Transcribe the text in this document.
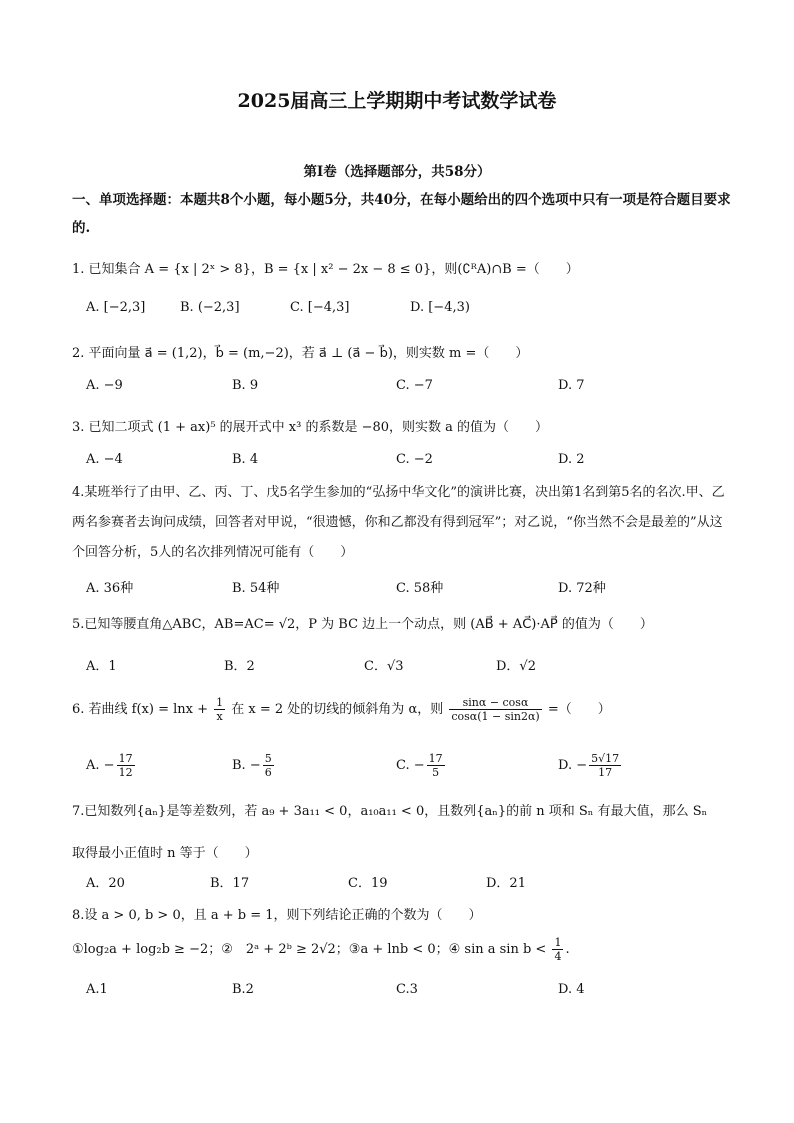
2025届高三上学期期中考试数学试卷
第I卷（选择题部分，共58分）
一、单项选择题：本题共8个小题，每小题5分，共40分，在每小题给出的四个选项中只有一项是符合题目要求的.
1. 已知集合 A = {x | 2ˣ > 8}，B = {x | x² − 2x − 8 ≤ 0}，则(∁ᴿA)∩B =（　　）
A. [−2,3]	B. (−2,3]	C. [−4,3]	D. [−4,3)
2. 平面向量 a⃗ = (1,2)，b⃗ = (m,−2)，若 a⃗ ⊥ (a⃗ − b⃗)，则实数 m =（　　）
A. −9	B. 9	C. −7	D. 7
3. 已知二项式 (1 + ax)⁵ 的展开式中 x³ 的系数是 −80，则实数 a 的值为（　　）
A. −4	B. 4	C. −2	D. 2
4.某班举行了由甲、乙、丙、丁、戊5名学生参加的“弘扬中华文化”的演讲比赛，决出第1名到第5名的名次.甲、乙两名参赛者去询问成绩，回答者对甲说，“很遗憾，你和乙都没有得到冠军”；对乙说，“你当然不会是最差的”从这个回答分析，5人的名次排列情况可能有（　　）
A. 36种	B. 54种	C. 58种	D. 72种
5.已知等腰直角△ABC，AB=AC= √2，P 为 BC 边上一个动点，则 (AB⃗ + AC⃗)·AP⃗ 的值为（　　）
A．1	B．2	C．√3	D．√2
6. 若曲线 $f(x) = \ln x + \frac{1}{x}$ 在 x = 2 处的切线的倾斜角为 α，则 $\frac{\sin\alpha - \cos\alpha}{\cos\alpha(1 - \sin 2\alpha)}$ =（　　）
A. − $\frac{17}{12}$	B. − $\frac{5}{6}$	C. − $\frac{17}{5}$	D. − $\frac{5√17}{17}$
7.已知数列{aₙ}是等差数列，若 a₉ + 3a₁₁ < 0，a₁₀a₁₁ < 0，且数列{aₙ}的前 n 项和 Sₙ 有最大值，那么 Sₙ
取得最小正值时 n 等于（　　）
A．20	B．17	C．19	D．21
8.设 a > 0, b > 0，且 a + b = 1，则下列结论正确的个数为（　　）
①log₂a + log₂b ≥ −2；②　2ᵃ + 2ᵇ ≥ 2√2；③a + lnb < 0；④ sin a $\sin b < \frac{1}{4}$ .
A.1	B.2	C.3	D. 4
